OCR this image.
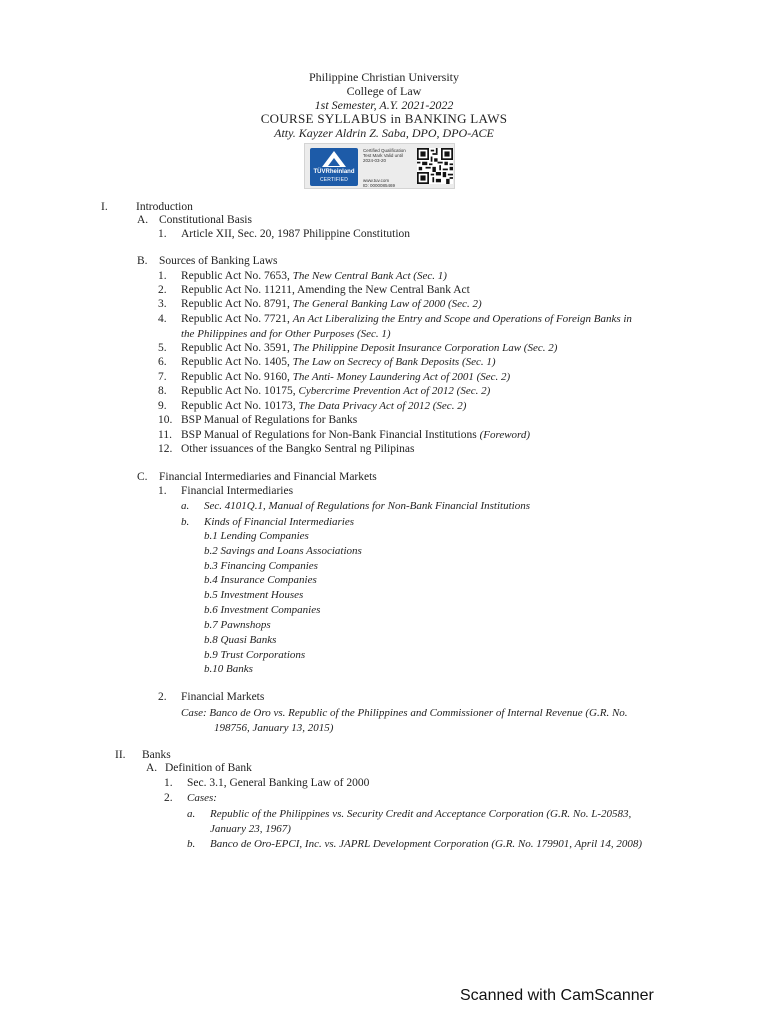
Philippine Christian University
College of Law
1st Semester, A.Y. 2021-2022
COURSE SYLLABUS in BANKING LAWS
Atty. Kayzer Aldrin Z. Saba, DPO, DPO-ACE
TÜVRheinland
CERTIFIED
Certified Qualification Test Mark Valid until 2024-03-20
www.tuv.com
ID: 0000085469
I. Introduction
A. Constitutional Basis
1. Article XII, Sec. 20, 1987 Philippine Constitution
B. Sources of Banking Laws
1. Republic Act No. 7653, The New Central Bank Act (Sec. 1)
2. Republic Act No. 11211, Amending the New Central Bank Act
3. Republic Act No. 8791, The General Banking Law of 2000 (Sec. 2)
4. Republic Act No. 7721, An Act Liberalizing the Entry and Scope and Operations of Foreign Banks in
the Philippines and for Other Purposes (Sec. 1)
5. Republic Act No. 3591, The Philippine Deposit Insurance Corporation Law (Sec. 2)
6. Republic Act No. 1405, The Law on Secrecy of Bank Deposits (Sec. 1)
7. Republic Act No. 9160, The Anti- Money Laundering Act of 2001 (Sec. 2)
8. Republic Act No. 10175, Cybercrime Prevention Act of 2012 (Sec. 2)
9. Republic Act No. 10173, The Data Privacy Act of 2012 (Sec. 2)
10. BSP Manual of Regulations for Banks
11. BSP Manual of Regulations for Non-Bank Financial Institutions (Foreword)
12. Other issuances of the Bangko Sentral ng Pilipinas
C. Financial Intermediaries and Financial Markets
1. Financial Intermediaries
a. Sec. 4101Q.1, Manual of Regulations for Non-Bank Financial Institutions
b. Kinds of Financial Intermediaries
b.1 Lending Companies
b.2 Savings and Loans Associations
b.3 Financing Companies
b.4 Insurance Companies
b.5 Investment Houses
b.6 Investment Companies
b.7 Pawnshops
b.8 Quasi Banks
b.9 Trust Corporations
b.10 Banks
2. Financial Markets
Case: Banco de Oro vs. Republic of the Philippines and Commissioner of Internal Revenue (G.R. No.
198756, January 13, 2015)
II. Banks
A. Definition of Bank
1. Sec. 3.1, General Banking Law of 2000
2. Cases:
a. Republic of the Philippines vs. Security Credit and Acceptance Corporation (G.R. No. L-20583,
January 23, 1967)
b. Banco de Oro-EPCI, Inc. vs. JAPRL Development Corporation (G.R. No. 179901, April 14, 2008)
Scanned with CamScanner
